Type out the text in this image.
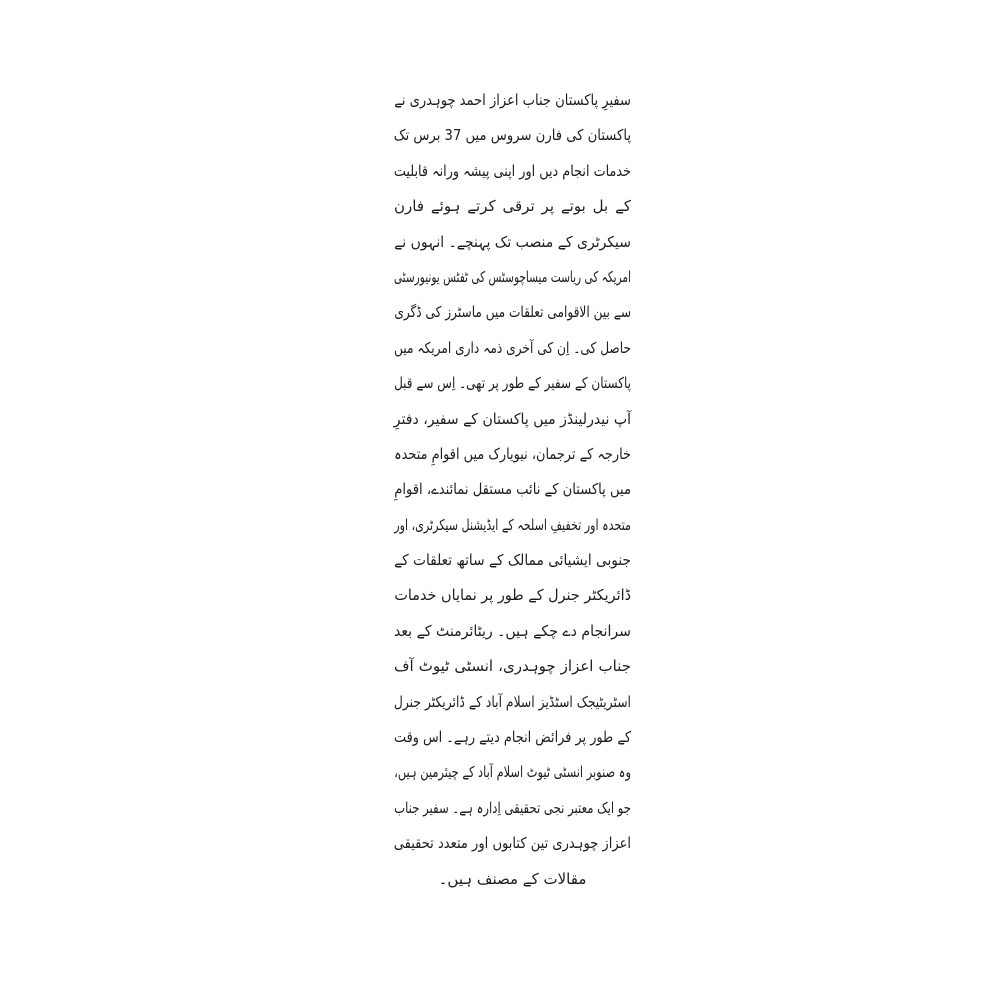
سفیرِ پاکستان جناب اعزاز احمد چوہدری نے
پاکستان کی فارن سروس میں 37 برس تک
خدمات انجام دیں اور اپنی پیشہ ورانہ قابلیت
کے بل بوتے پر ترقی کرتے ہوئے فارن
سیکرٹری کے منصب تک پہنچے۔ انہوں نے
امریکہ کی ریاست میساچوسٹس کی ٹفٹس یونیورسٹی
سے بین الاقوامی تعلقات میں ماسٹرز کی ڈگری
حاصل کی۔ اِن کی آخری ذمہ داری امریکہ میں
پاکستان کے سفیر کے طور پر تھی۔ اِس سے قبل
آپ نیدرلینڈز میں پاکستان کے سفیر، دفترِ
خارجہ کے ترجمان، نیویارک میں اقوامِ متحدہ
میں پاکستان کے نائب مستقل نمائندے، اقوامِ
متحدہ اور تخفیفِ اسلحہ کے ایڈیشنل سیکرٹری، اور
جنوبی ایشیائی ممالک کے ساتھ تعلقات کے
ڈائریکٹر جنرل کے طور پر نمایاں خدمات
سرانجام دے چکے ہیں۔ ریٹائرمنٹ کے بعد
جناب اعزاز چوہدری، انسٹی ٹیوٹ آف
اسٹریٹیجک اسٹڈیز اسلام آباد کے ڈائریکٹر جنرل
کے طور پر فرائض انجام دیتے رہے۔ اس وقت
وہ صنوبر انسٹی ٹیوٹ اسلام آباد کے چیئرمین ہیں،
جو ایک معتبر نجی تحقیقی اِدارہ ہے۔ سفیر جناب
اعزاز چوہدری تین کتابوں اور متعدد تحقیقی
مقالات کے مصنف ہیں۔
